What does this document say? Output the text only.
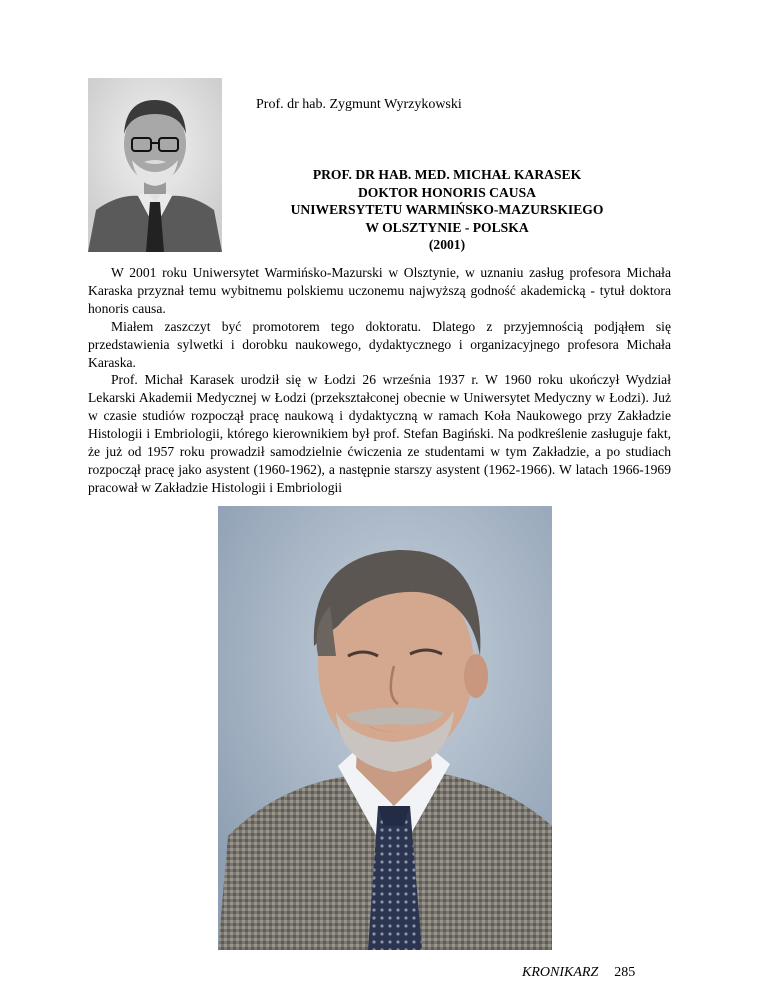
Prof. dr hab. Zygmunt Wyrzykowski
PROF. DR HAB. MED. MICHAŁ KARASEK
DOKTOR HONORIS CAUSA
UNIWERSYTETU WARMIŃSKO-MAZURSKIEGO
W OLSZTYNIE - POLSKA
(2001)

W 2001 roku Uniwersytet Warmińsko-Mazurski w Olsztynie, w uznaniu zasług profesora Michała Karaska przyznał temu wybitnemu polskiemu uczonemu najwyższą godność akademicką - tytuł doktora honoris causa.

Miałem zaszczyt być promotorem tego doktoratu. Dlatego z przyjemnością podjąłem się przedstawienia sylwetki i dorobku naukowego, dydaktycznego i organizacyjnego profesora Michała Karaska.

Prof. Michał Karasek urodził się w Łodzi 26 września 1937 r. W 1960 roku ukończył Wydział Lekarski Akademii Medycznej w Łodzi (przekształconej obecnie w Uniwersytet Medyczny w Łodzi). Już w czasie studiów rozpoczął pracę naukową i dydaktyczną w ramach Koła Naukowego przy Zakładzie Histologii i Embriologii, którego kierownikiem był prof. Stefan Bagiński. Na podkreślenie zasługuje fakt, że już od 1957 roku prowadził samodzielnie ćwiczenia ze studentami w tym Zakładzie, a po studiach rozpoczął pracę jako asystent (1960-1962), a następnie starszy asystent (1962-1966). W latach 1966-1969 pracował w Zakładzie Histologii i Embriologii

KRONIKARZ 285
